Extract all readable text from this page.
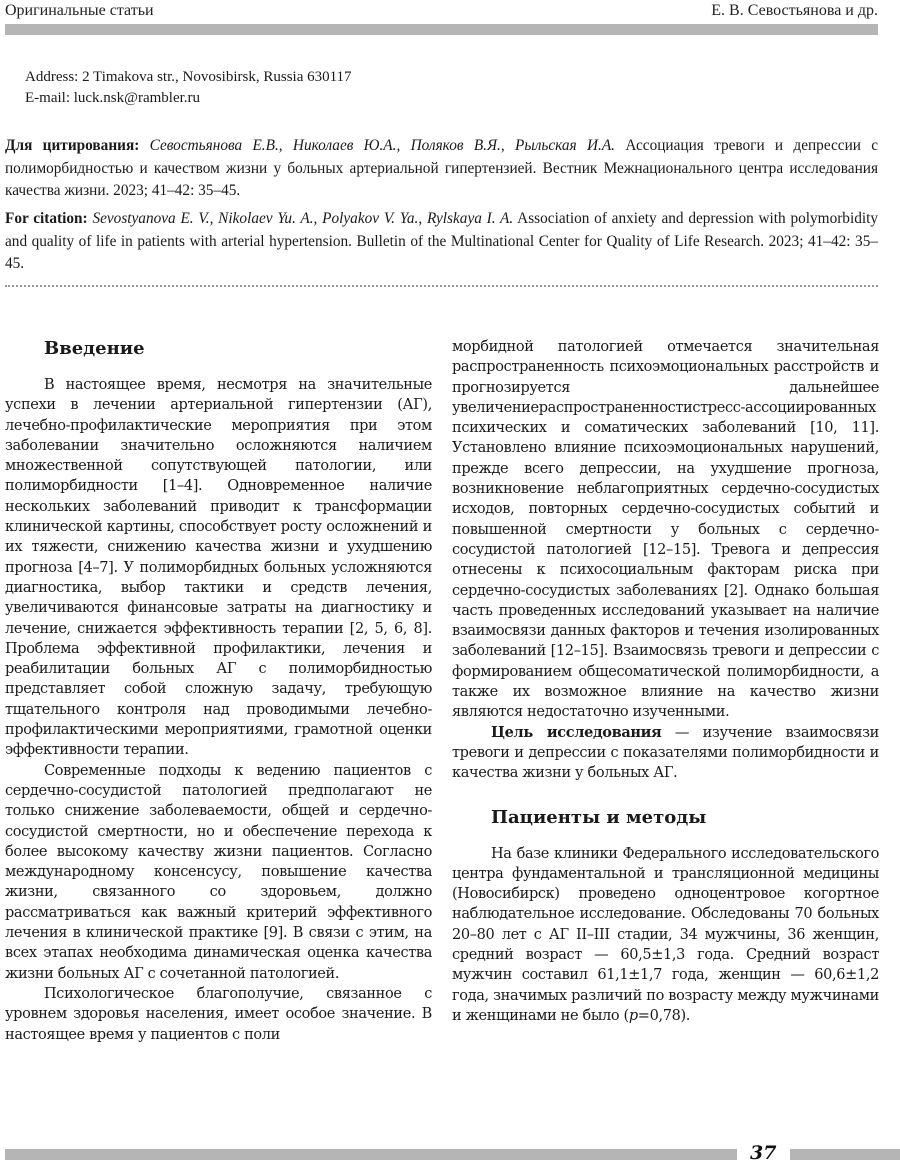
Оригинальные статьи	Е. В. Севостьянова и др.
Address: 2 Timakova str., Novosibirsk, Russia 630117
E-mail: luck.nsk@rambler.ru
Для цитирования: Севостьянова Е.В., Николаев Ю.А., Поляков В.Я., Рыльская И.А. Ассоциация тревоги и депрессии с полиморбидностью и качеством жизни у больных артериальной гипертензией. Вестник Межнационального центра исследования качества жизни. 2023; 41–42: 35–45.
For citation: Sevostyanova E. V., Nikolaev Yu. A., Polyakov V. Ya., Rylskaya I. A. Association of anxiety and depression with polymorbidity and quality of life in patients with arterial hypertension. Bulletin of the Multinational Center for Quality of Life Research. 2023; 41–42: 35–45.
Введение

В настоящее время, несмотря на значительные успехи в лечении артериальной гипертензии (АГ), лечебно-профилактические мероприятия при этом заболевании значительно осложняются наличием множественной сопутствующей патологии, или полиморбидности [1–4]. Одновременное наличие нескольких заболеваний приводит к трансформации клинической картины, способствует росту осложнений и их тяжести, снижению качества жизни и ухудшению прогноза [4–7]. У полиморбидных больных усложняются диагностика, выбор тактики и средств лечения, увеличиваются финансовые затраты на диагностику и лечение, снижается эффективность терапии [2, 5, 6, 8]. Проблема эффективной профилактики, лечения и реабилитации больных АГ с полиморбидностью представляет собой сложную задачу, требующую тщательного контроля над проводимыми лечебно-профилактическими мероприятиями, грамотной оценки эффективности терапии.

Современные подходы к ведению пациентов с сердечно-сосудистой патологией предполагают не только снижение заболеваемости, общей и сердечно-сосудистой смертности, но и обеспечение перехода к более высокому качеству жизни пациентов. Согласно международному консенсусу, повышение качества жизни, связанного со здоровьем, должно рассматриваться как важный критерий эффективного лечения в клинической практике [9]. В связи с этим, на всех этапах необходима динамическая оценка качества жизни больных АГ с сочетанной патологией.

Психологическое благополучие, связанное с уровнем здоровья населения, имеет особое значение. В настоящее время у пациентов с поли

морбидной патологией отмечается значительная распространенность психоэмоциональных расстройств и прогнозируется дальнейшее увеличениераспространенностистресс-ассоциированных психических и соматических заболеваний [10, 11]. Установлено влияние психоэмоциональных нарушений, прежде всего депрессии, на ухудшение прогноза, возникновение неблагоприятных сердечно-сосудистых исходов, повторных сердечно-сосудистых событий и повышенной смертности у больных с сердечно-сосудистой патологией [12–15]. Тревога и депрессия отнесены к психосоциальным факторам риска при сердечно-сосудистых заболеваниях [2]. Однако большая часть проведенных исследований указывает на наличие взаимосвязи данных факторов и течения изолированных заболеваний [12–15]. Взаимосвязь тревоги и депрессии с формированием общесоматической полиморбидности, а также их возможное влияние на качество жизни являются недостаточно изученными.

Цель исследования — изучение взаимосвязи тревоги и депрессии с показателями полиморбидности и качества жизни у больных АГ.

Пациенты и методы

На базе клиники Федерального исследовательского центра фундаментальной и трансляционной медицины (Новосибирск) проведено одноцентровое когортное наблюдательное исследование. Обследованы 70 больных 20–80 лет с АГ II–III стадии, 34 мужчины, 36 женщин, средний возраст — 60,5±1,3 года. Средний возраст мужчин составил 61,1±1,7 года, женщин — 60,6±1,2 года, значимых различий по возрасту между мужчинами и женщинами не было (p=0,78).

37
